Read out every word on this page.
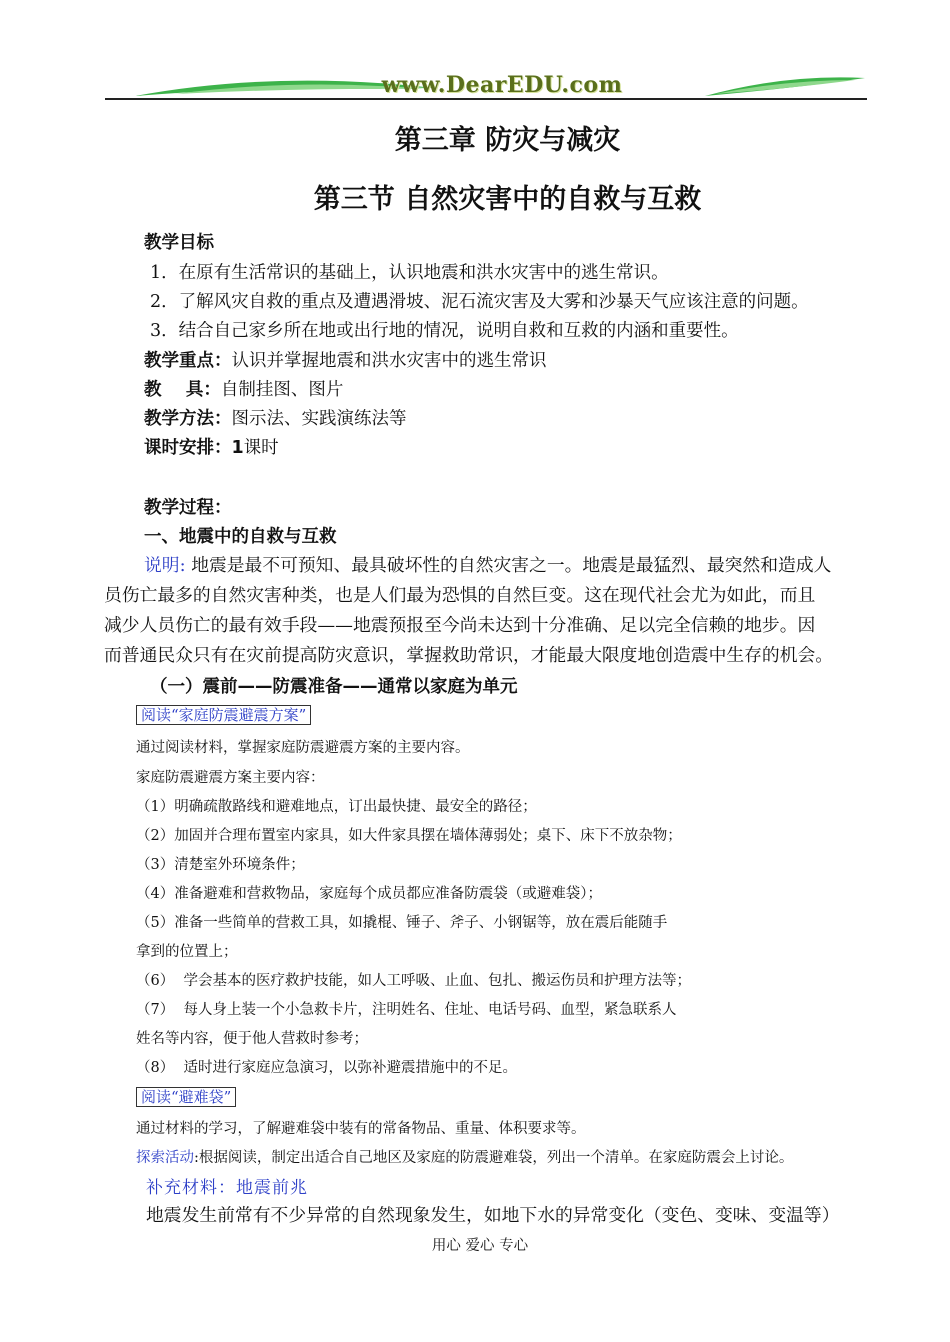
www.DearEDU.com
第三章 防灾与减灾
第三节 自然灾害中的自救与互救
教学目标
1．在原有生活常识的基础上，认识地震和洪水灾害中的逃生常识。
2．了解风灾自救的重点及遭遇滑坡、泥石流灾害及大雾和沙暴天气应该注意的问题。
3．结合自己家乡所在地或出行地的情况，说明自救和互救的内涵和重要性。
教学重点：认识并掌握地震和洪水灾害中的逃生常识
教    具：自制挂图、图片
教学方法：图示法、实践演练法等
课时安排：1课时
教学过程：
一、地震中的自救与互救
说明: 地震是最不可预知、最具破坏性的自然灾害之一。地震是最猛烈、最突然和造成人
员伤亡最多的自然灾害种类，也是人们最为恐惧的自然巨变。这在现代社会尤为如此，而且
减少人员伤亡的最有效手段——地震预报至今尚未达到十分准确、足以完全信赖的地步。因
而普通民众只有在灾前提高防灾意识，掌握救助常识，才能最大限度地创造震中生存的机会。
（一）震前——防震准备——通常以家庭为单元
阅读“家庭防震避震方案”
通过阅读材料，掌握家庭防震避震方案的主要内容。
家庭防震避震方案主要内容：
（1）明确疏散路线和避难地点，订出最快捷、最安全的路径；
（2）加固并合理布置室内家具，如大件家具摆在墙体薄弱处；桌下、床下不放杂物；
（3）清楚室外环境条件；
（4）准备避难和营救物品，家庭每个成员都应准备防震袋（或避难袋）；
（5）准备一些简单的营救工具，如撬棍、锤子、斧子、小钢锯等，放在震后能随手
拿到的位置上；
（6）  学会基本的医疗救护技能，如人工呼吸、止血、包扎、搬运伤员和护理方法等；
（7）  每人身上装一个小急救卡片，注明姓名、住址、电话号码、血型，紧急联系人
姓名等内容，便于他人营救时参考；
（8）  适时进行家庭应急演习，以弥补避震措施中的不足。
阅读“避难袋”
通过材料的学习，了解避难袋中装有的常备物品、重量、体积要求等。
探索活动:根据阅读，制定出适合自己地区及家庭的防震避难袋，列出一个清单。在家庭防震会上讨论。
补充材料：地震前兆
地震发生前常有不少异常的自然现象发生，如地下水的异常变化（变色、变味、变温等）
用心 爱心 专心
